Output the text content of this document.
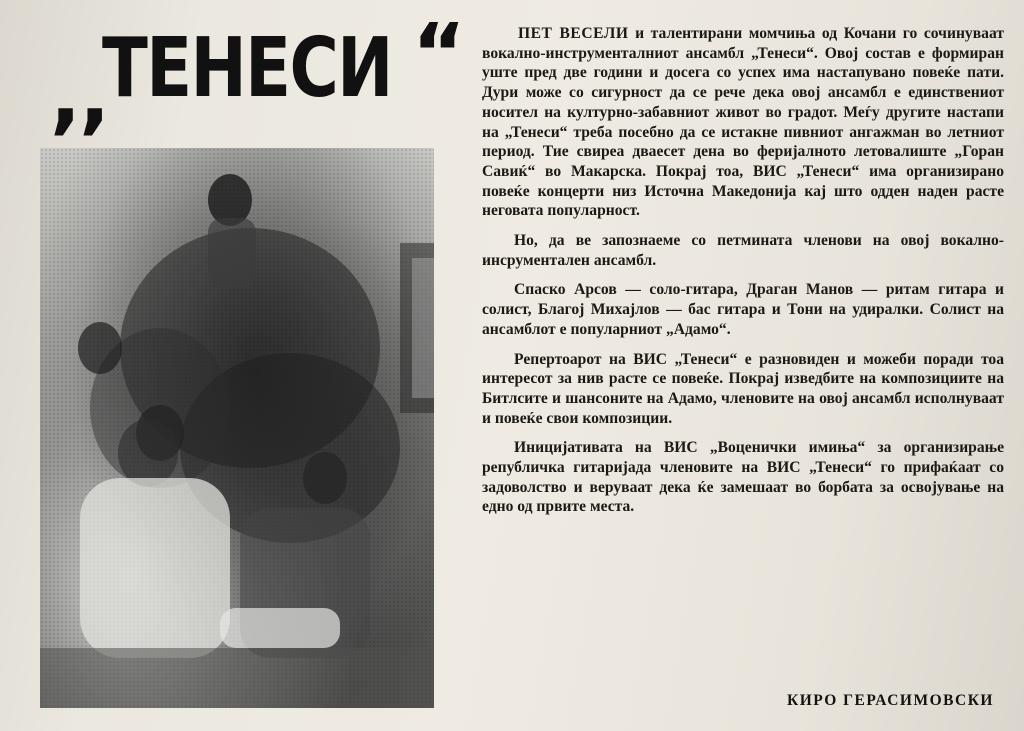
,,
ТЕНЕСИ “	ПЕТ ВЕСЕЛИ и талентирани момчиња од Кочани го сочинуваат вокално-инструменталниот ансамбл „Тенеси“. Овој состав е формиран уште пред две години и досега со успех има настапувано повеќе пати. Дури може со сигурност да се рече дека овој ансамбл е единствениот носител на културно-забавниот живот во градот. Меѓу другите настапи на „Тенеси“ треба посебно да се истакне пивниот ангажман во летниот период. Тие свиреа дваесет дена во феријалното летовалиште „Горан Савиќ“ во Макарска. Покрај тоа, ВИС „Тенеси“ има организирано повеќе концерти низ Источна Македонија кај што одден наден расте неговата популарност.

Но, да ве запознаеме со петмината членови на овој вокално-инсрументален ансамбл.

Спаско Арсов — соло-гитара, Драган Манов — ритам гитара и солист, Благој Михајлов — бас гитара и Тони на удиралки. Солист на ансамблот е популарниот „Адамо“.

Репертоарот на ВИС „Тенеси“ е разновиден и можеби поради тоа интересот за нив расте се повеќе. Покрај изведбите на композициите на Битлсите и шансоните на Адамо, членовите на овој ансамбл исполнуваат и повеќе свои композиции.

Иницијативата на ВИС „Воценички имиња“ за организирање републичка гитаријада членовите на ВИС „Тенеси“ го прифаќаат со задоволство и веруваат дека ќе замешаат во борбата за освојување на едно од првите места.

КИРО ГЕРАСИМОВСКИ
